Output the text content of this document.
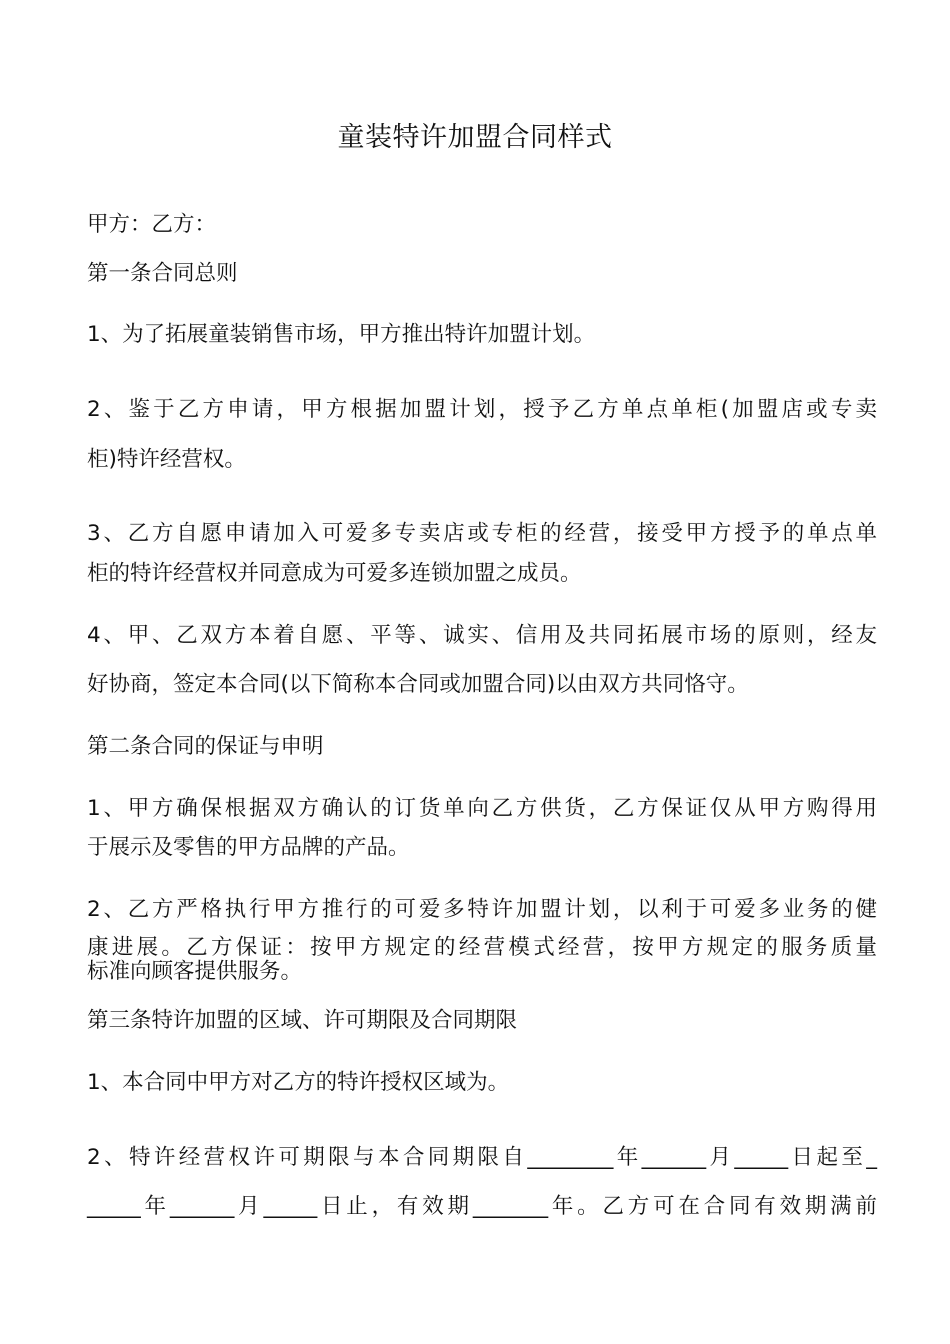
童装特许加盟合同样式

甲方：乙方：

第一条合同总则

1、为了拓展童装销售市场，甲方推出特许加盟计划。

2、鉴于乙方申请，甲方根据加盟计划，授予乙方单点单柜(加盟店或专卖

柜)特许经营权。

3、乙方自愿申请加入可爱多专卖店或专柜的经营，接受甲方授予的单点单

柜的特许经营权并同意成为可爱多连锁加盟之成员。

4、甲、乙双方本着自愿、平等、诚实、信用及共同拓展市场的原则，经友

好协商，签定本合同(以下简称本合同或加盟合同)以由双方共同恪守。

第二条合同的保证与申明

1、甲方确保根据双方确认的订货单向乙方供货，乙方保证仅从甲方购得用

于展示及零售的甲方品牌的产品。

2、乙方严格执行甲方推行的可爱多特许加盟计划，以利于可爱多业务的健

康进展。乙方保证：按甲方规定的经营模式经营，按甲方规定的服务质量

标准向顾客提供服务。

第三条特许加盟的区域、许可期限及合同期限

1、本合同中甲方对乙方的特许授权区域为。

2、特许经营权许可期限与本合同期限自________年______月_____日起至_

_____年______月_____日止，有效期_______年。乙方可在合同有效期满前
